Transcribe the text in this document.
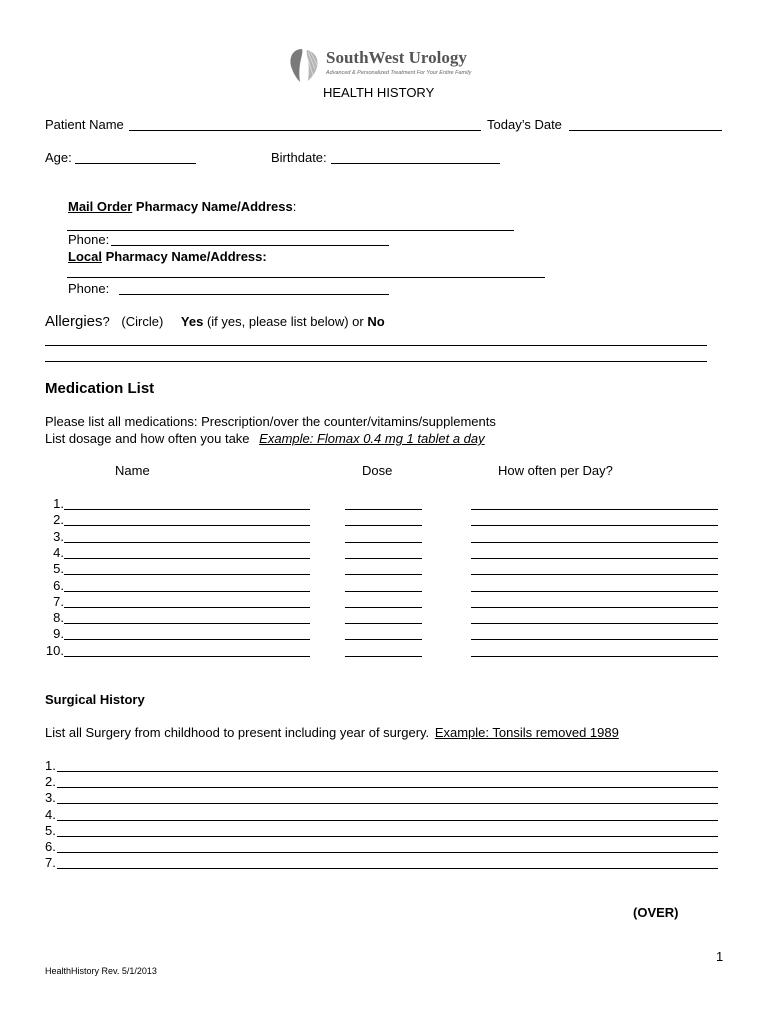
SouthWest Urology
Advanced & Personalized Treatment For Your Entire Family
HEALTH HISTORY
Patient Name	Today’s Date
Age:	Birthdate:
Mail Order Pharmacy Name/Address:
Phone:
Local Pharmacy Name/Address:
Phone:
Allergies? (Circle) Yes (if yes, please list below) or No
Medication List
Please list all medications: Prescription/over the counter/vitamins/supplements
List dosage and how often you take Example: Flomax 0.4 mg 1 tablet a day
Name	Dose	How often per Day?
1.
2.
3.
4.
5.
6.
7.
8.
9.
10.
Surgical History
List all Surgery from childhood to present including year of surgery. Example: Tonsils removed 1989
1.
2.
3.
4.
5.
6.
7.
(OVER)
1
HealthHistory Rev. 5/1/2013
